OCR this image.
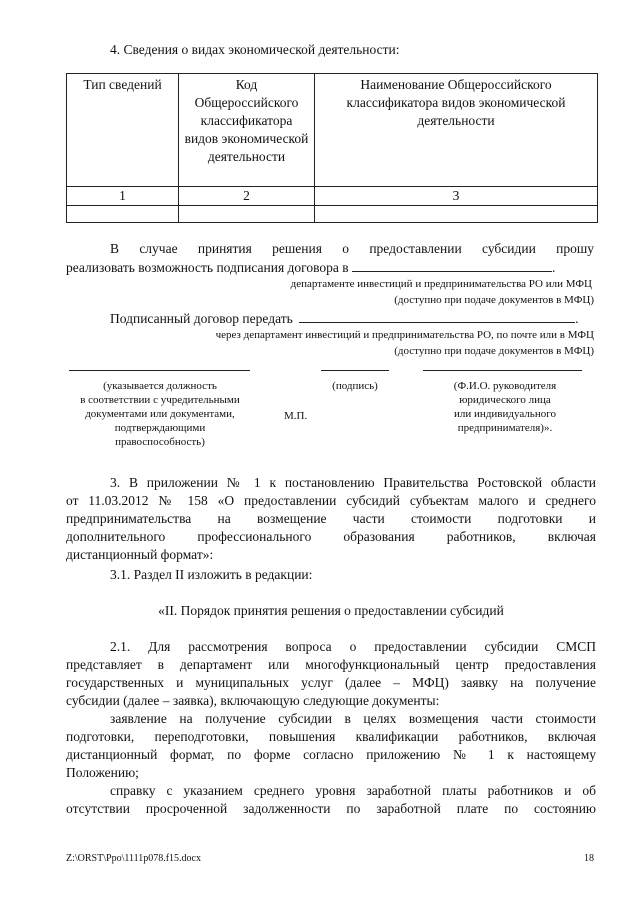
4. Сведения о видах экономической деятельности:
Тип сведений	Код Общероссийского классификатора видов экономической деятельности	Наименование Общероссийского классификатора видов экономической деятельности

1	2	3

В случае принятия решения о предоставлении субсидии прошу
реализовать возможность подписания договора в	.
департаменте инвестиций и предпринимательства РО или МФЦ
(доступно при подаче документов в МФЦ)
Подписанный договор передать	.
через департамент инвестиций и предпринимательства РО, по почте или в МФЦ
(доступно при подаче документов в МФЦ)
(указывается должность
в соответствии с учредительными
документами или документами,
подтверждающими
правоспособность)
(подпись)
М.П.
(Ф.И.О. руководителя
юридического лица
или индивидуального
предпринимателя)».
3. В приложении № 1 к постановлению Правительства Ростовской области
от 11.03.2012 № 158 «О предоставлении субсидий субъектам малого и среднего
предпринимательства на возмещение части стоимости подготовки и
дополнительного профессионального образования работников, включая
дистанционный формат»:
3.1. Раздел II изложить в редакции:
«II. Порядок принятия решения о предоставлении субсидий
2.1. Для рассмотрения вопроса о предоставлении субсидии СМСП
представляет в департамент или многофункциональный центр предоставления
государственных и муниципальных услуг (далее – МФЦ) заявку на получение
субсидии (далее – заявка), включающую следующие документы:
заявление на получение субсидии в целях возмещения части стоимости
подготовки, переподготовки, повышения квалификации работников, включая
дистанционный формат, по форме согласно приложению № 1 к настоящему
Положению;
справку с указанием среднего уровня заработной платы работников и об
отсутствии просроченной задолженности по заработной плате по состоянию
Z:\ORST\Ppo\1111p078.f15.docx	18
